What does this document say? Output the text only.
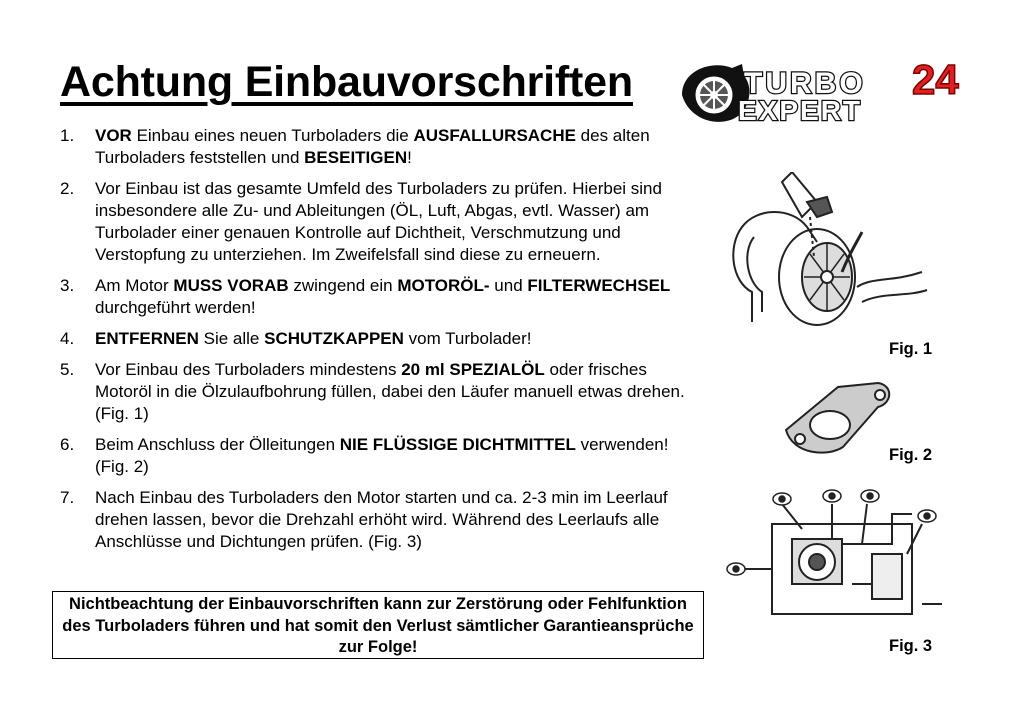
Achtung Einbauvorschriften	TURBO
EXPERT
24
1. VOR Einbau eines neuen Turboladers die AUSFALLURSACHE des alten Turboladers feststellen und BESEITIGEN!
2. Vor Einbau ist das gesamte Umfeld des Turboladers zu prüfen. Hierbei sind insbesondere alle Zu- und Ableitungen (ÖL, Luft, Abgas, evtl. Wasser) am Turbolader einer genauen Kontrolle auf Dichtheit, Verschmutzung und Verstopfung zu unterziehen. Im Zweifelsfall sind diese zu erneuern.
3. Am Motor MUSS VORAB zwingend ein MOTORÖL- und FILTERWECHSEL durchgeführt werden!
4. ENTFERNEN Sie alle SCHUTZKAPPEN vom Turbolader!
5. Vor Einbau des Turboladers mindestens 20 ml SPEZIALÖL oder frisches Motoröl in die Ölzulaufbohrung füllen, dabei den Läufer manuell etwas drehen. (Fig. 1)
6. Beim Anschluss der Ölleitungen NIE FLÜSSIGE DICHTMITTEL verwenden! (Fig. 2)
7. Nach Einbau des Turboladers den Motor starten und ca. 2-3 min im Leerlauf drehen lassen, bevor die Drehzahl erhöht wird. Während des Leerlaufs alle Anschlüsse und Dichtungen prüfen. (Fig. 3)
Nichtbeachtung der Einbauvorschriften kann zur Zerstörung oder Fehlfunktion des Turboladers führen und hat somit den Verlust sämtlicher Garantieansprüche zur Folge!
Fig. 1
Fig. 2
Fig. 3
